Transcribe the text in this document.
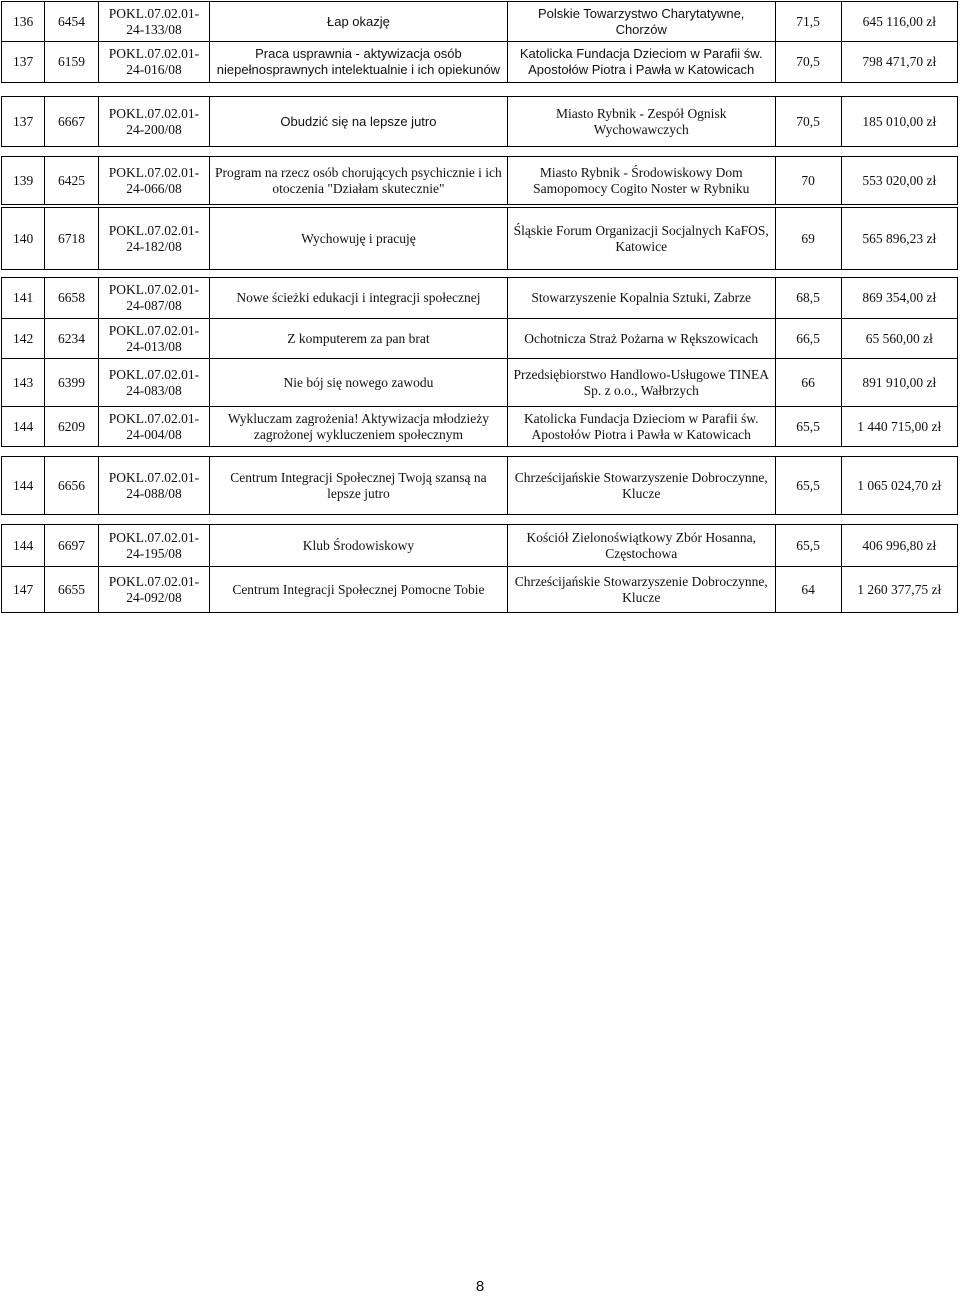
136	6454	POKL.07.02.01-24-133/08	Łap okazję	Polskie Towarzystwo Charytatywne, Chorzów	71,5	645 116,00 zł
137	6159	POKL.07.02.01-24-016/08	Praca usprawnia - aktywizacja osób niepełnosprawnych intelektualnie i ich opiekunów	Katolicka Fundacja Dzieciom w Parafii św. Apostołów Piotra i Pawła w Katowicach	70,5	798 471,70 zł
137	6667	POKL.07.02.01-24-200/08	Obudzić się na lepsze jutro	Miasto Rybnik - Zespół Ognisk Wychowawczych	70,5	185 010,00 zł
139	6425	POKL.07.02.01-24-066/08	Program na rzecz osób chorujących psychicznie i ich otoczenia "Działam skutecznie"	Miasto Rybnik - Środowiskowy Dom Samopomocy Cogito Noster w Rybniku	70	553 020,00 zł
140	6718	POKL.07.02.01-24-182/08	Wychowuję i pracuję	Śląskie Forum Organizacji Socjalnych KaFOS, Katowice	69	565 896,23 zł
141	6658	POKL.07.02.01-24-087/08	Nowe ścieżki edukacji i integracji społecznej	Stowarzyszenie Kopalnia Sztuki, Zabrze	68,5	869 354,00 zł
142	6234	POKL.07.02.01-24-013/08	Z komputerem za pan brat	Ochotnicza Straż Pożarna w Rększowicach	66,5	65 560,00 zł
143	6399	POKL.07.02.01-24-083/08	Nie bój się nowego zawodu	Przedsiębiorstwo Handlowo-Usługowe TINEA Sp. z o.o., Wałbrzych	66	891 910,00 zł
144	6209	POKL.07.02.01-24-004/08	Wykluczam zagrożenia! Aktywizacja młodzieży zagrożonej wykluczeniem społecznym	Katolicka Fundacja Dzieciom w Parafii św. Apostołów Piotra i Pawła w Katowicach	65,5	1 440 715,00 zł
144	6656	POKL.07.02.01-24-088/08	Centrum Integracji Społecznej Twoją szansą na lepsze jutro	Chrześcijańskie Stowarzyszenie Dobroczynne, Klucze	65,5	1 065 024,70 zł
144	6697	POKL.07.02.01-24-195/08	Klub Środowiskowy	Kościół Zielonoświątkowy Zbór Hosanna, Częstochowa	65,5	406 996,80 zł
147	6655	POKL.07.02.01-24-092/08	Centrum Integracji Społecznej Pomocne Tobie	Chrześcijańskie Stowarzyszenie Dobroczynne, Klucze	64	1 260 377,75 zł
8
